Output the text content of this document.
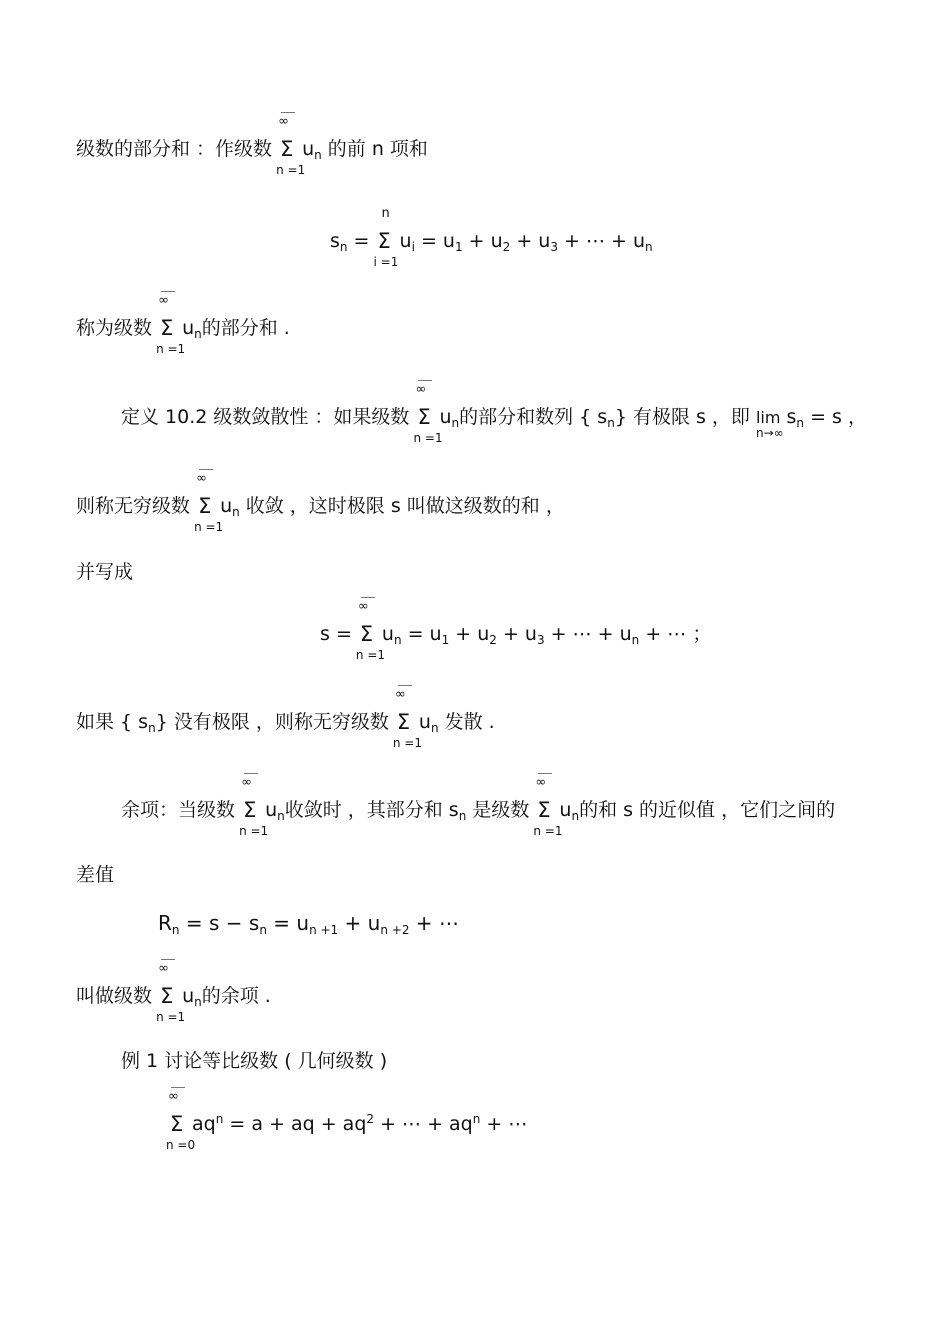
级数的部分和 ：作级数
∞
Σ
n =1
$u_n$ 的前 n 项和
$s_n$ =
n
Σ
i =1
$u_i = u_1 + u_2 + u_3$ + ⋯ + $u_n$
称为级数
∞
Σ
n =1
$u_n$的部分和 .
定义 10.2 级数敛散性 ：如果级数
∞
Σ
n =1
$u_n$的部分和数列 { $s_n$} 有极限 s ，即 lim
n→∞
$s_n = s$ ，
则称无穷级数
∞
Σ
n =1
$u_n$ 收敛 ，这时极限 s 叫做这级数的和 ，
并写成
s =
∞
Σ
n =1
$u_n = u_1 + u_2 + u_3$ + ⋯ + $u_n$ + ⋯ ；
如果 { $s_n$} 没有极限 ，则称无穷级数
∞
Σ
n =1
$u_n$ 发散 .
余项：当级数
∞
Σ
n =1
$u_n$收敛时 ，其部分和 $s_n$ 是级数
∞
Σ
n =1
$u_n$的和 s 的近似值 ，它们之间的
差值
$R_n = s - s_n = u_{n +1} + u_{n +2}$ + ⋯
叫做级数
∞
Σ
n =1
$u_n$的余项 .
例 1 讨论等比级数 ( 几何级数 )
∞
Σ
n =0
$aq^n = a$ + aq + $aq^2$ + ⋯ + $aq^n$ + ⋯
